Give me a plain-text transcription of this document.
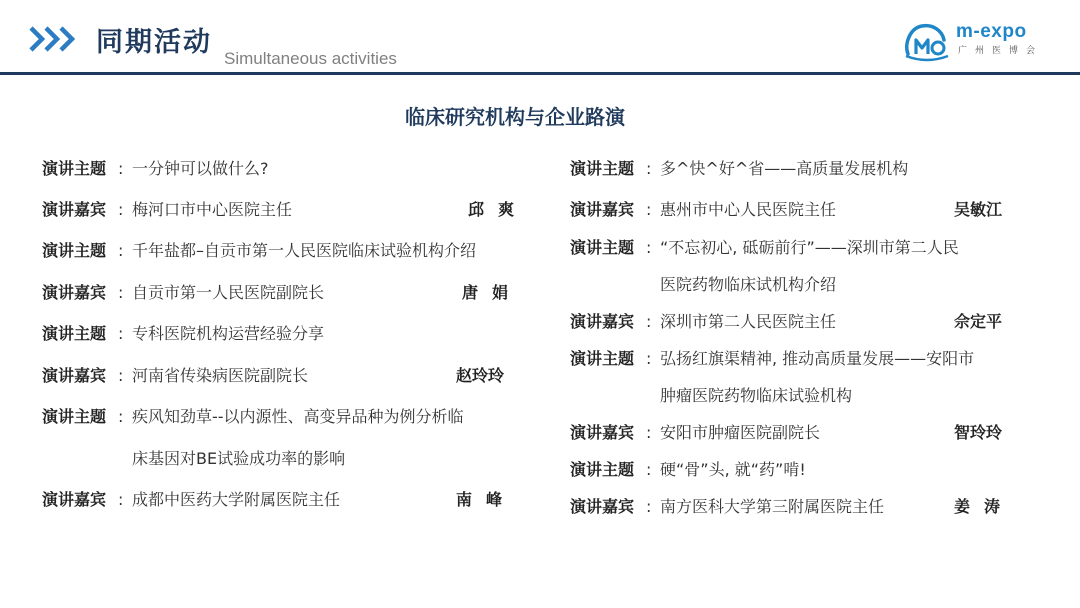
同期活动
Simultaneous activities
m-expo
广州医博会
临床研究机构与企业路演
演讲主题 : 一分钟可以做什么?
演讲嘉宾 : 梅河口市中心医院主任	邱爽
演讲主题 : 千年盐都–自贡市第一人民医院临床试验机构介绍
演讲嘉宾 : 自贡市第一人民医院副院长	唐娟
演讲主题 : 专科医院机构运营经验分享
演讲嘉宾 : 河南省传染病医院副院长	赵玲玲
演讲主题 : 疾风知劲草--以内源性、高变异品种为例分析临
床基因对BE试验成功率的影响
演讲嘉宾 : 成都中医药大学附属医院主任	南峰
演讲主题 : 多^快^好^省——高质量发展机构
演讲嘉宾 : 惠州市中心人民医院主任	吴敏江
演讲主题 : “不忘初心, 砥砺前行”——深圳市第二人民
医院药物临床试机构介绍
演讲嘉宾 : 深圳市第二人民医院主任	佘定平
演讲主题 : 弘扬红旗渠精神, 推动高质量发展——安阳市
肿瘤医院药物临床试验机构
演讲嘉宾 : 安阳市肿瘤医院副院长	智玲玲
演讲主题 : 硬“骨”头, 就“药”啃!
演讲嘉宾 : 南方医科大学第三附属医院主任	姜涛
